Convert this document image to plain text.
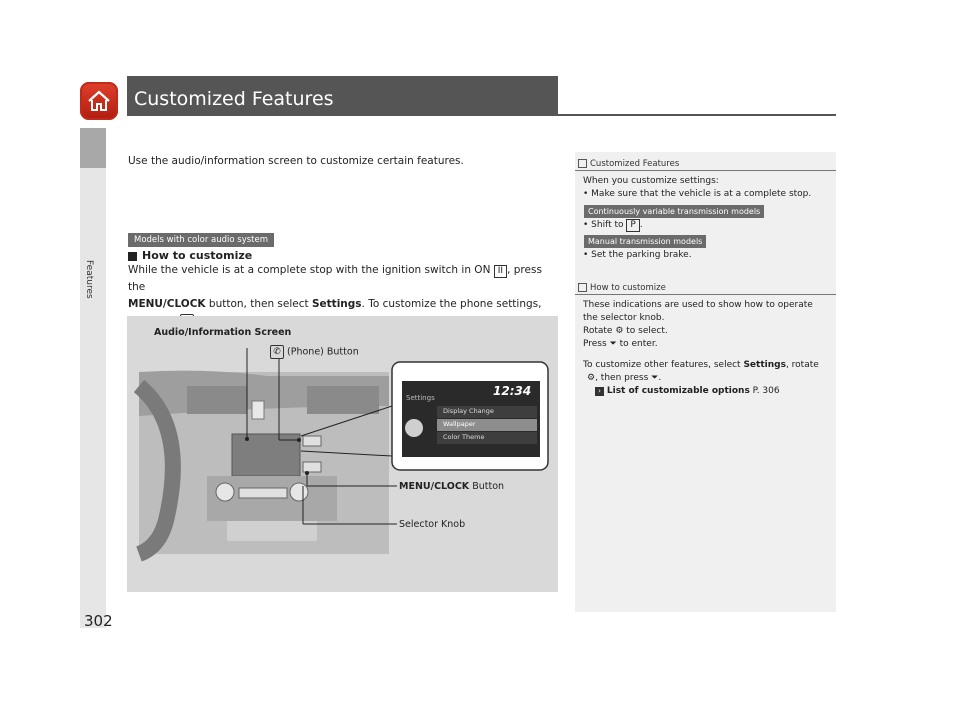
Features
302
Customized Features
Use the audio/information screen to customize certain features.
Models with color audio system
How to customize
While the vehicle is at a complete stop with the ignition switch in ON II , press the
MENU/CLOCK button, then select Settings. To customize the phone settings,
12:34
Settings
Display Change
Wallpaper
Color Theme
Audio/Information Screen
✆ (Phone) Button
MENU/CLOCK Button
Selector Knob
Customized Features
When you customize settings:
• Make sure that the vehicle is at a complete stop.
Continuously variable transmission models
• Shift to P .
Manual transmission models
• Set the parking brake.
How to customize
These indications are used to show how to operate
the selector knob.
Rotate ⚙ to select.
Press ⏷ to enter.
To customize other features, select Settings, rotate
⚙, then press ⏷.
› List of customizable options P. 306
